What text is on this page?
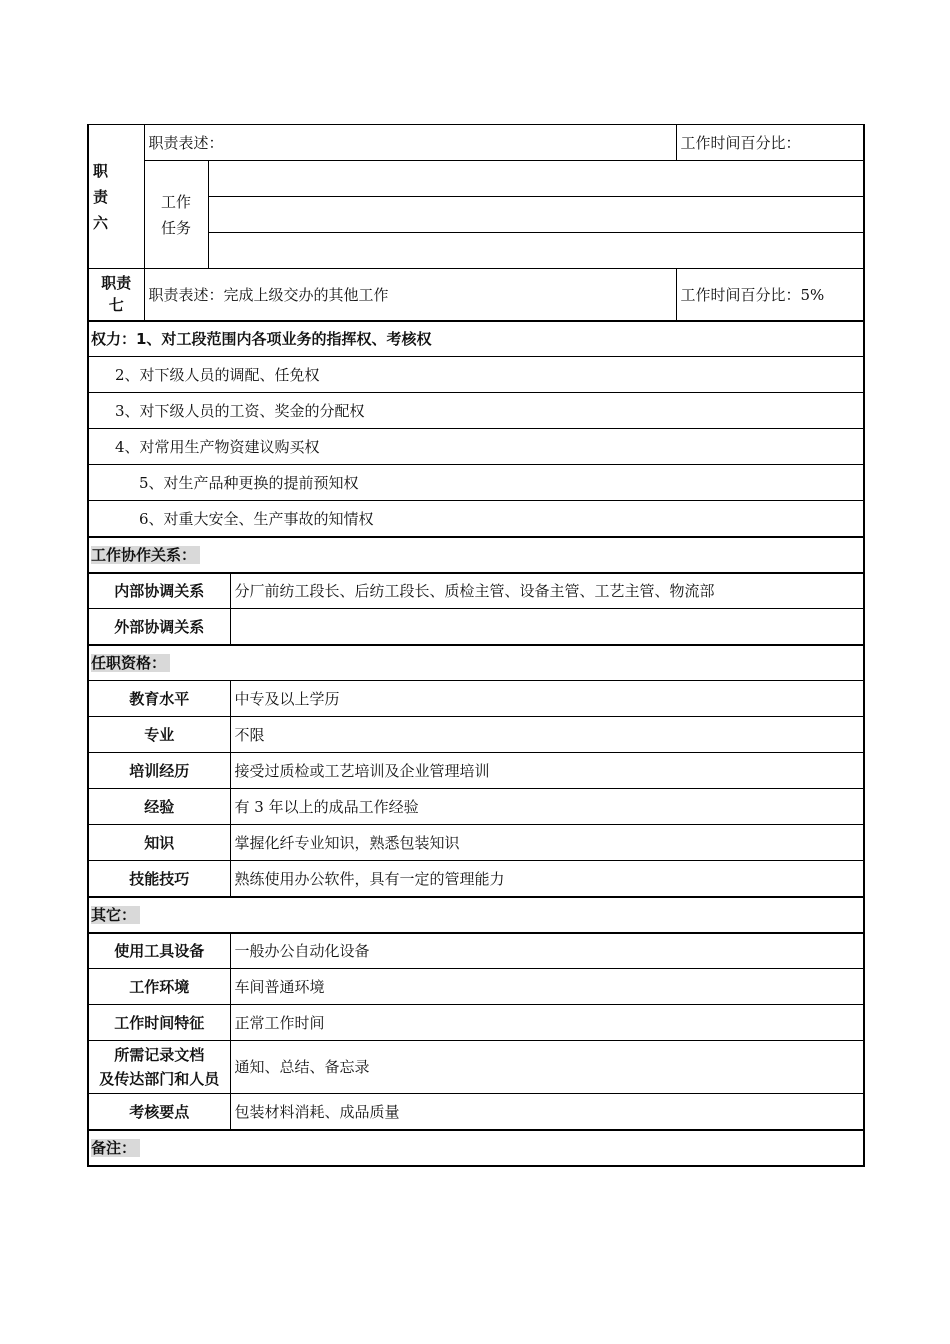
职
责
六	职责表述：			工作时间百分比：
	工作
任务			

职责
七	职责表述：完成上级交办的其他工作			工作时间百分比：5%
权力：1、对工段范围内各项业务的指挥权、考核权				
2、对下级人员的调配、任免权				
3、对下级人员的工资、奖金的分配权				
4、对常用生产物资建议购买权				
5、对生产品种更换的提前预知权				
6、对重大安全、生产事故的知情权				
工作协作关系：				
内部协调关系			分厂前纺工段长、后纺工段长、质检主管、设备主管、工艺主管、物流部	
外部协调关系				
任职资格：				
教育水平			中专及以上学历	
专业			不限	
培训经历			接受过质检或工艺培训及企业管理培训	
经验			有 3 年以上的成品工作经验	
知识			掌握化纤专业知识，熟悉包装知识	
技能技巧			熟练使用办公软件，具有一定的管理能力	
其它：				
使用工具设备			一般办公自动化设备	
工作环境			车间普通环境	
工作时间特征			正常工作时间	
所需记录文档
及传达部门和人员			通知、总结、备忘录	
考核要点			包装材料消耗、成品质量	
备注：				
